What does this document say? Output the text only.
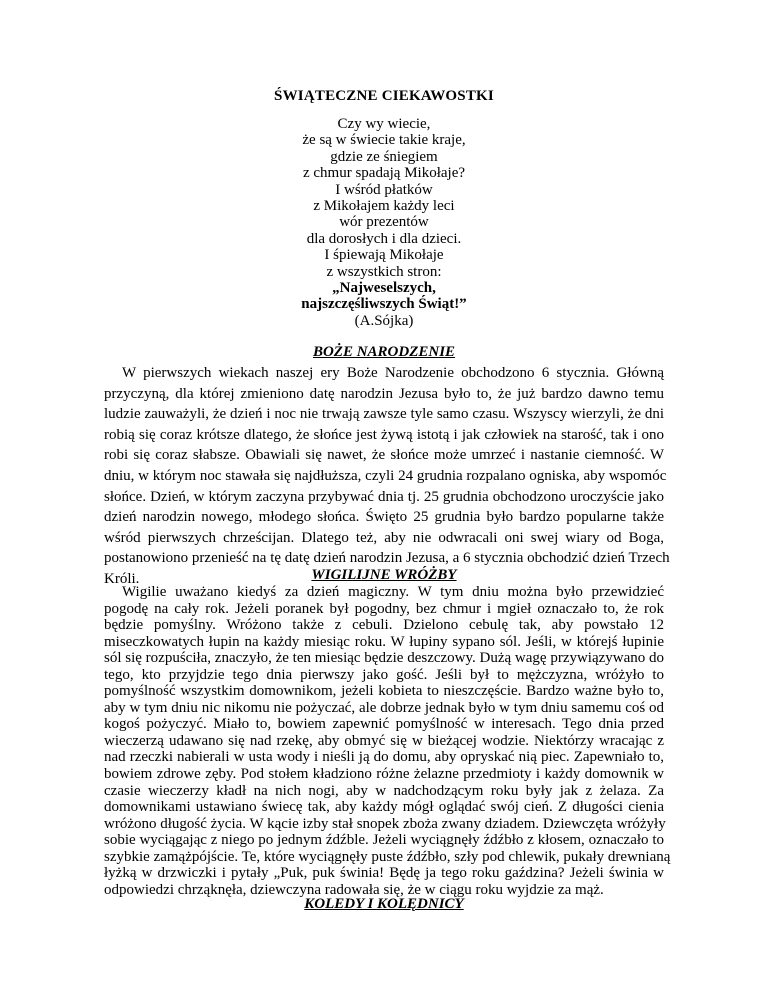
ŚWIĄTECZNE CIEKAWOSTKI
Czy wy wiecie,
że są w świecie takie kraje,
gdzie ze śniegiem
z chmur spadają Mikołaje?
I wśród płatków
z Mikołajem każdy leci
wór prezentów
dla dorosłych i dla dzieci.
I śpiewają Mikołaje
z wszystkich stron:
„Najweselszych,
najszczęśliwszych Świąt!”
(A.Sójka)
BOŻE NARODZENIE
W pierwszych wiekach naszej ery Boże Narodzenie obchodzono 6 stycznia. Główną
przyczyną, dla której zmieniono datę narodzin Jezusa było to, że już bardzo dawno temu
ludzie zauważyli, że dzień i noc nie trwają zawsze tyle samo czasu. Wszyscy wierzyli, że dni
robią się coraz krótsze dlatego, że słońce jest żywą istotą i jak człowiek na starość, tak i ono
robi się coraz słabsze. Obawiali się nawet, że słońce może umrzeć i nastanie ciemność. W
dniu, w którym noc stawała się najdłuższa, czyli 24 grudnia rozpalano ogniska, aby wspomóc
słońce. Dzień, w którym zaczyna przybywać dnia tj. 25 grudnia obchodzono uroczyście jako
dzień narodzin nowego, młodego słońca. Święto 25 grudnia było bardzo popularne także
wśród pierwszych chrześcijan. Dlatego też, aby nie odwracali oni swej wiary od Boga,
postanowiono przenieść na tę datę dzień narodzin Jezusa, a 6 stycznia obchodzić dzień Trzech
Króli.	WIGILIJNE WRÓŻBY
Wigilie uważano kiedyś za dzień magiczny. W tym dniu można było przewidzieć
pogodę na cały rok. Jeżeli poranek był pogodny, bez chmur i mgieł oznaczało to, że rok
będzie pomyślny. Wróżono także z cebuli. Dzielono cebulę tak, aby powstało 12
miseczkowatych łupin na każdy miesiąc roku. W łupiny sypano sól. Jeśli, w którejś łupinie
sól się rozpuściła, znaczyło, że ten miesiąc będzie deszczowy. Dużą wagę przywiązywano do
tego, kto przyjdzie tego dnia pierwszy jako gość. Jeśli był to mężczyzna, wróżyło to
pomyślność wszystkim domownikom, jeżeli kobieta to nieszczęście. Bardzo ważne było to,
aby w tym dniu nic nikomu nie pożyczać, ale dobrze jednak było w tym dniu samemu coś od
kogoś pożyczyć. Miało to, bowiem zapewnić pomyślność w interesach. Tego dnia przed
wieczerzą udawano się nad rzekę, aby obmyć się w bieżącej wodzie. Niektórzy wracając z
nad rzeczki nabierali w usta wody i nieśli ją do domu, aby opryskać nią piec. Zapewniało to,
bowiem zdrowe zęby. Pod stołem kładziono różne żelazne przedmioty i każdy domownik w
czasie wieczerzy kładł na nich nogi, aby w nadchodzącym roku były jak z żelaza. Za
domownikami ustawiano świecę tak, aby każdy mógł oglądać swój cień. Z długości cienia
wróżono długość życia. W kącie izby stał snopek zboża zwany dziadem. Dziewczęta wróżyły
sobie wyciągając z niego po jednym źdźble. Jeżeli wyciągnęły źdźbło z kłosem, oznaczało to
szybkie zamążpójście. Te, które wyciągnęły puste źdźbło, szły pod chlewik, pukały drewnianą
łyżką w drzwiczki i pytały „Puk, puk świnia! Będę ja tego roku gaździna? Jeżeli świnia w
odpowiedzi chrząknęła, dziewczyna radowała się, że w ciągu roku wyjdzie za mąż.
KOLEDY I KOLĘDNICY
